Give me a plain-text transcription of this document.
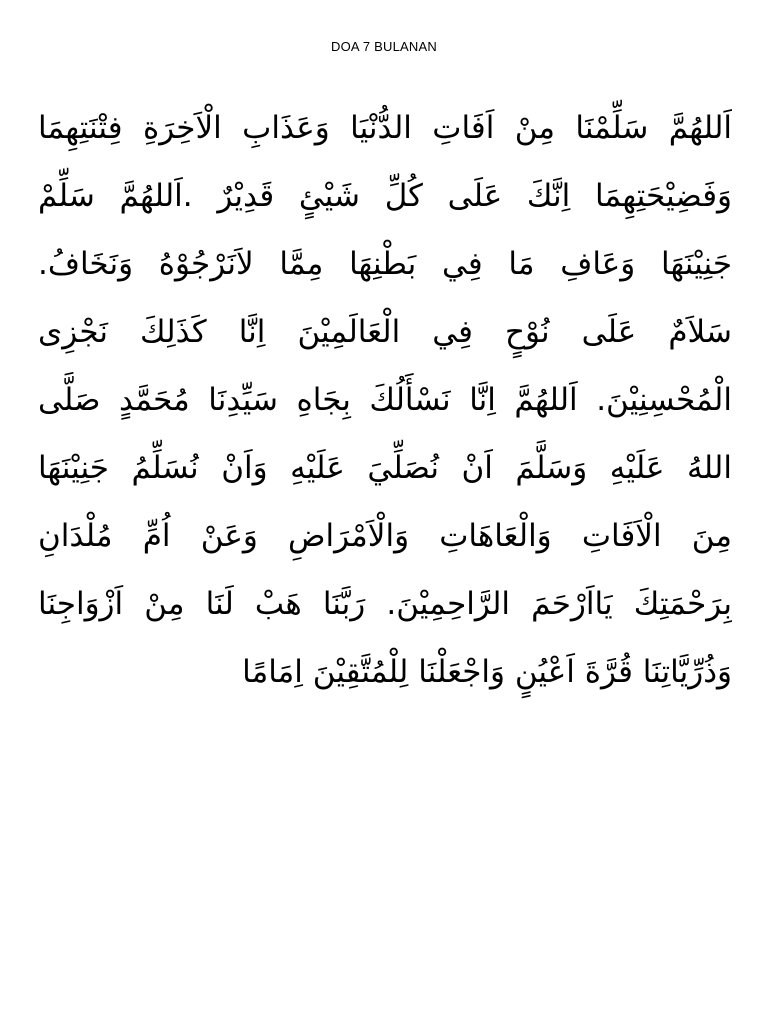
DOA 7 BULANAN
اَللهُمَّ سَلِّمْنَا مِنْ اَفَاتِ الدُّنْيَا وَعَذَابِ الْاَخِرَةِ فِتْنَتِهِمَا
وَفَضِيْحَتِهِمَا اِنَّكَ عَلَى كُلِّ شَيْئٍ قَدِيْرٌ .اَللهُمَّ سَلِّمْ
جَنِيْنَهَا وَعَافِ مَا فِي بَطْنِهَا مِمَّا لاَنَرْجُوْهُ وَنَخَافُ.
سَلاَمٌ عَلَى نُوْحٍ فِي الْعَالَمِيْنَ اِنَّا كَذَلِكَ نَجْزِى
الْمُحْسِنِيْنَ. اَللهُمَّ اِنَّا نَسْأَلُكَ بِجَاهِ سَيِّدِنَا مُحَمَّدٍ صَلَّى
اللهُ عَلَيْهِ وَسَلَّمَ اَنْ نُصَلِّيَ عَلَيْهِ وَاَنْ نُسَلِّمُ جَنِيْنَهَا
مِنَ الْاَفَاتِ وَالْعَاهَاتِ وَالْاَمْرَاضِ وَعَنْ اُمِّ مُلْدَانِ
بِرَحْمَتِكَ يَااَرْحَمَ الرَّاحِمِيْنَ. رَبَّنَا هَبْ لَنَا مِنْ اَزْوَاجِنَا
وَذُرِّيَّاتِنَا قُرَّةَ اَعْيُنٍ وَاجْعَلْنَا لِلْمُتَّقِيْنَ اِمَامًا
